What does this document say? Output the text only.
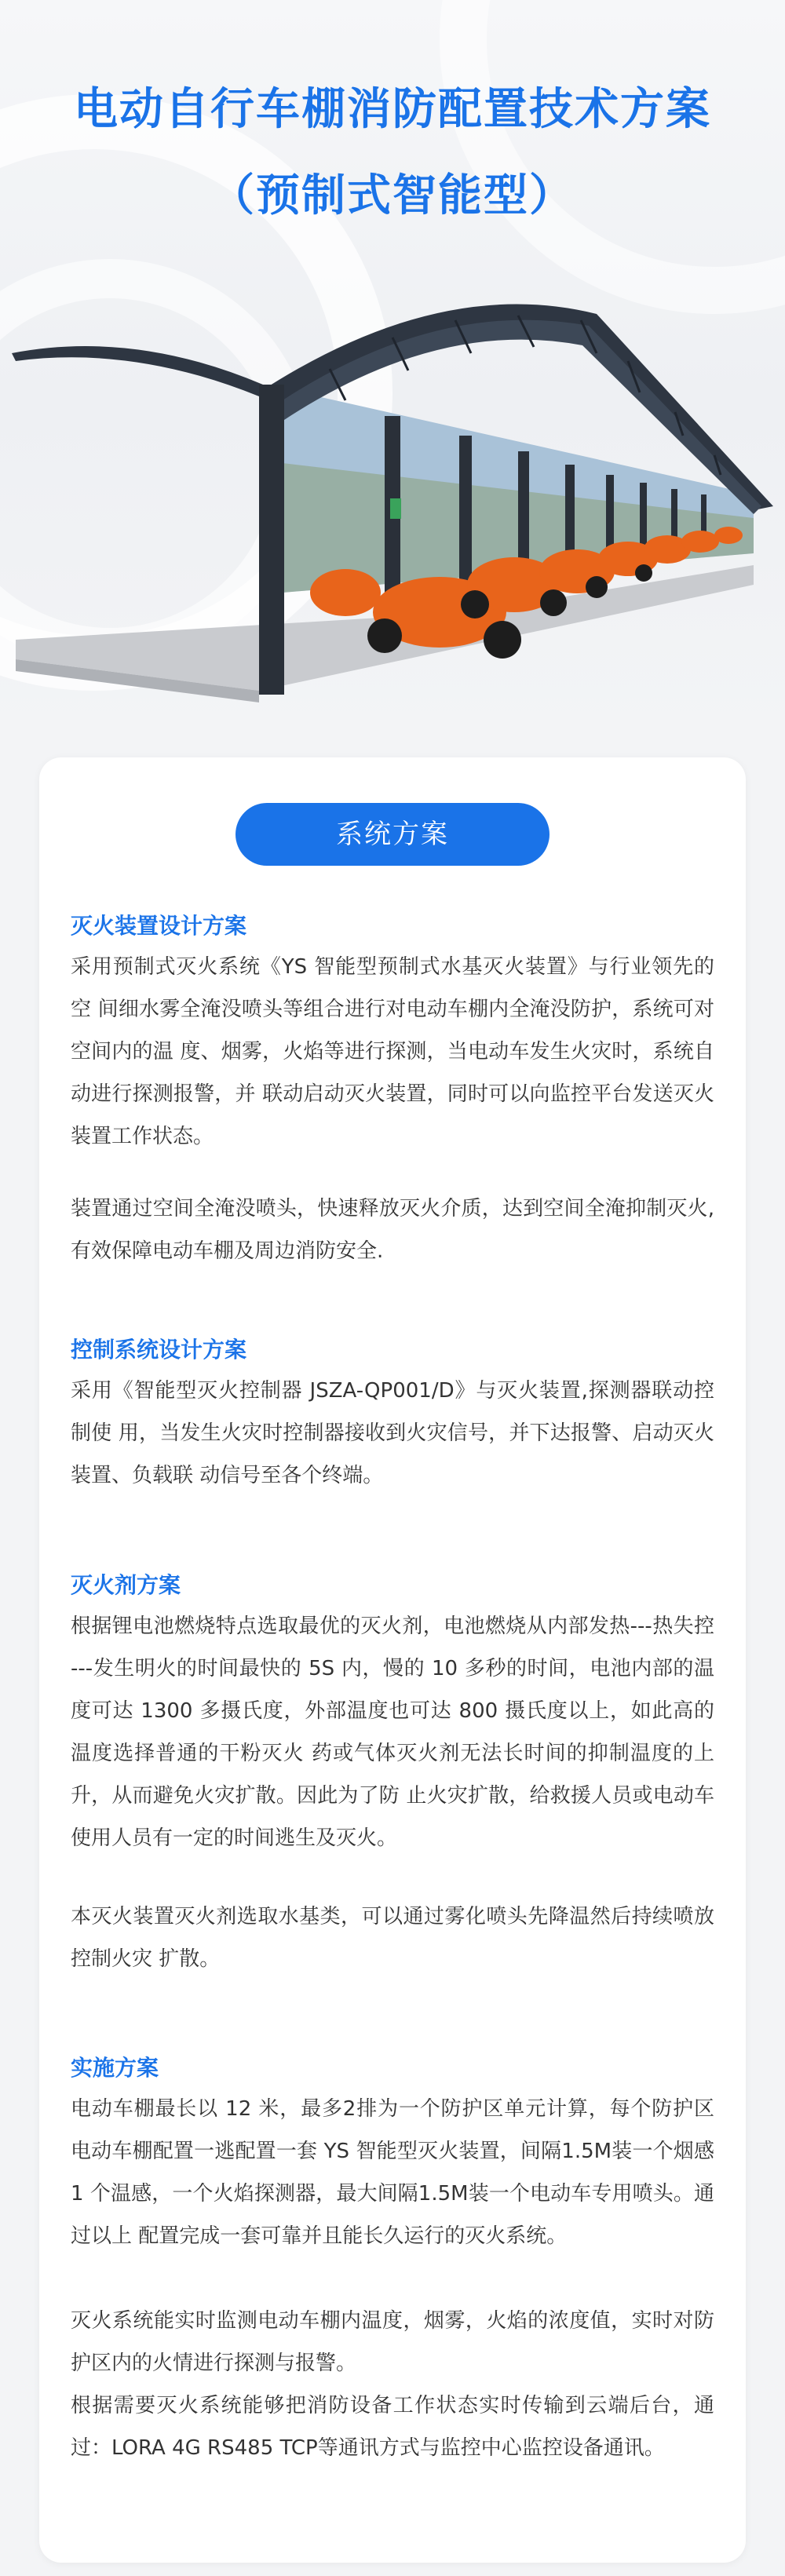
电动自行车棚消防配置技术方案
（预制式智能型）
系统方案
灭火装置设计方案

采用预制式灭火系统《YS 智能型预制式水基灭火装置》与行业领先的空 间细水雾全淹没喷头等组合进行对电动车棚内全淹没防护，系统可对空间内的温 度、烟雾，火焰等进行探测，当电动车发生火灾时，系统自动进行探测报警，并 联动启动灭火装置，同时可以向监控平台发送灭火装置工作状态。

装置通过空间全淹没喷头，快速释放灭火介质，达到空间全淹抑制灭火, 有效保障电动车棚及周边消防安全.

控制系统设计方案

采用《智能型灭火控制器 JSZA-QP001/D》与灭火装置,探测器联动控制使 用，当发生火灾时控制器接收到火灾信号，并下达报警、启动灭火装置、负载联 动信号至各个终端。

灭火剂方案

根据锂电池燃烧特点选取最优的灭火剂，电池燃烧从内部发热---热失控 ---发生明火的时间最快的 5S 内，慢的 10 多秒的时间，电池内部的温度可达 1300 多摄氏度，外部温度也可达 800 摄氏度以上，如此高的温度选择普通的干粉灭火 药或气体灭火剂无法长时间的抑制温度的上升，从而避免火灾扩散。因此为了防 止火灾扩散，给救援人员或电动车使用人员有一定的时间逃生及灭火。

本灭火装置灭火剂选取水基类，可以通过雾化喷头先降温然后持续喷放控制火灾 扩散。

实施方案

电动车棚最长以 12 米，最多2排为一个防护区单元计算，每个防护区电动车棚配置一逃配置一套 YS 智能型灭火装置，间隔1.5M装一个烟感1 个温感，一个火焰探测器，最大间隔1.5M装一个电动车专用喷头。通过以上 配置完成一套可靠并且能长久运行的灭火系统。

灭火系统能实时监测电动车棚内温度，烟雾，火焰的浓度值，实时对防护区内的火情进行探测与报警。

根据需要灭火系统能够把消防设备工作状态实时传输到云端后台，通过：LORA 4G RS485 TCP等通讯方式与监控中心监控设备通讯。
